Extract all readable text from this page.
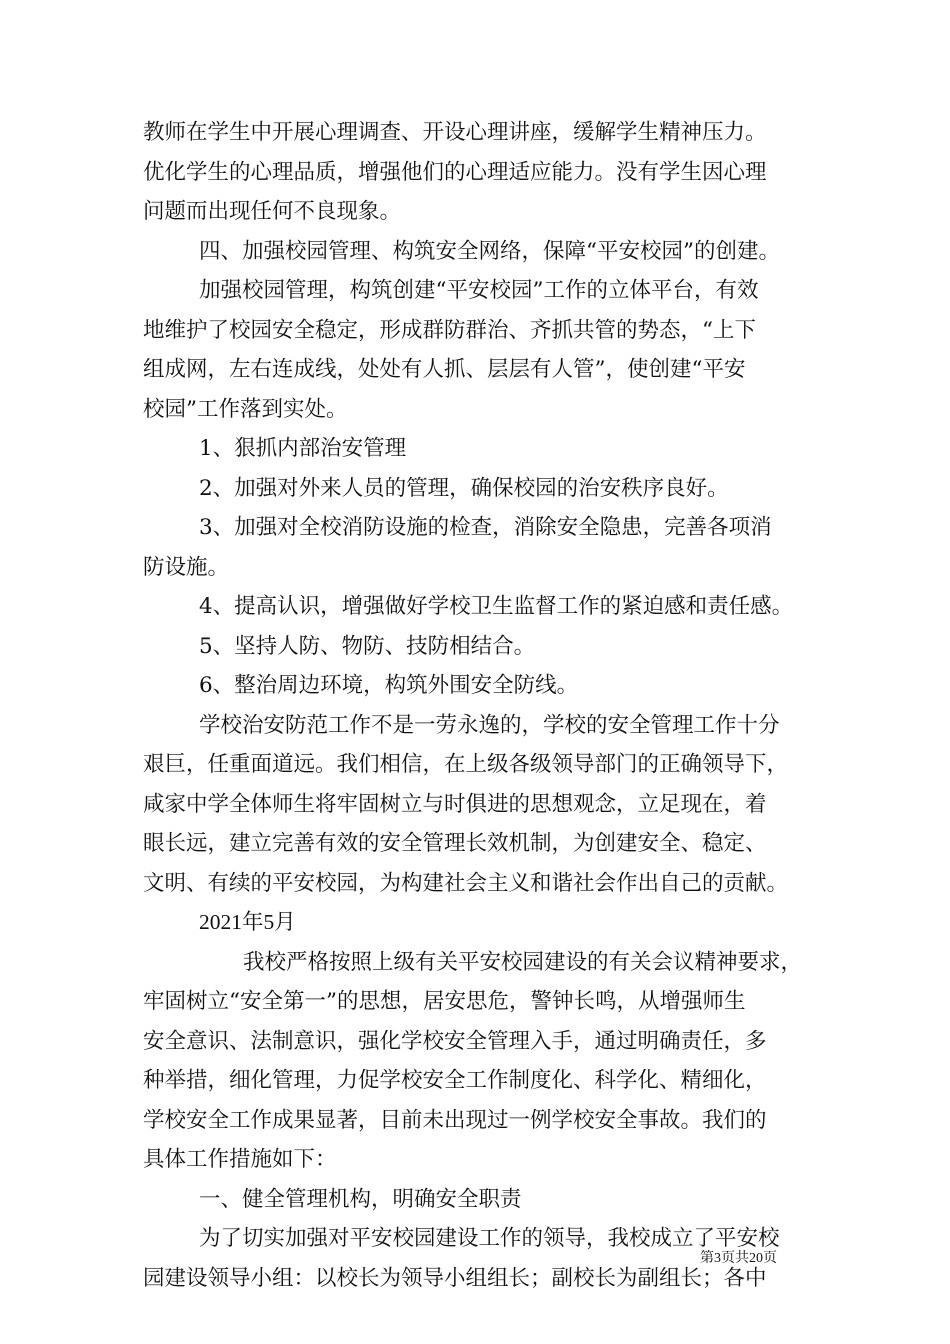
教师在学生中开展心理调查、开设心理讲座，缓解学生精神压力。
优化学生的心理品质，增强他们的心理适应能力。没有学生因心理
问题而出现任何不良现象。
四、加强校园管理、构筑安全网络，保障“平安校园”的创建。
加强校园管理，构筑创建“平安校园”工作的立体平台，有效
地维护了校园安全稳定，形成群防群治、齐抓共管的势态，“上下
组成网，左右连成线，处处有人抓、层层有人管”，使创建“平安
校园”工作落到实处。
1、狠抓内部治安管理
2、加强对外来人员的管理，确保校园的治安秩序良好。
3、加强对全校消防设施的检查，消除安全隐患，完善各项消
防设施。
4、提高认识，增强做好学校卫生监督工作的紧迫感和责任感。
5、坚持人防、物防、技防相结合。
6、整治周边环境，构筑外围安全防线。
学校治安防范工作不是一劳永逸的，学校的安全管理工作十分
艰巨，任重面道远。我们相信，在上级各级领导部门的正确领导下，
咸家中学全体师生将牢固树立与时俱进的思想观念，立足现在，着
眼长远，建立完善有效的安全管理长效机制，为创建安全、稳定、
文明、有续的平安校园，为构建社会主义和谐社会作出自己的贡献。
2021年5月
我校严格按照上级有关平安校园建设的有关会议精神要求，
牢固树立“安全第一”的思想，居安思危，警钟长鸣，从增强师生
安全意识、法制意识，强化学校安全管理入手，通过明确责任，多
种举措，细化管理，力促学校安全工作制度化、科学化、精细化，
学校安全工作成果显著，目前未出现过一例学校安全事故。我们的
具体工作措施如下：
一、健全管理机构，明确安全职责
为了切实加强对平安校园建设工作的领导，我校成立了平安校
园建设领导小组：以校长为领导小组组长；副校长为副组长；各中
第3页共20页
